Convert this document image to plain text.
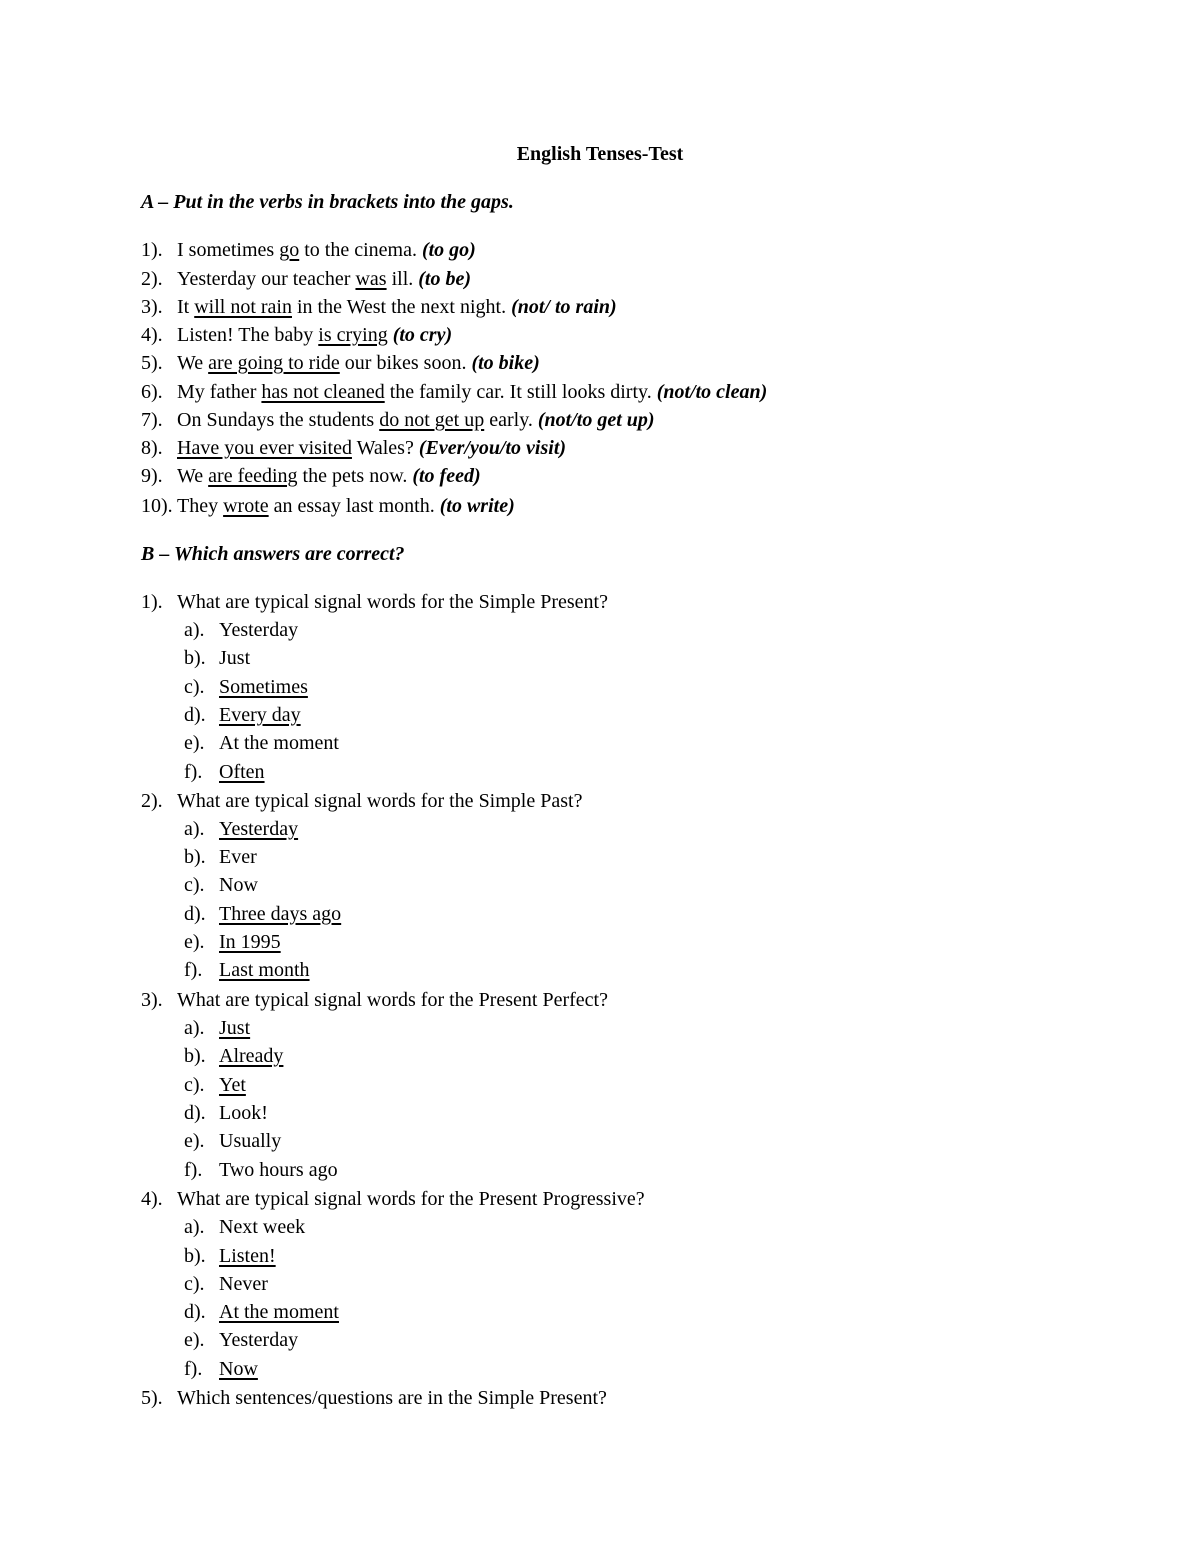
English Tenses-Test
A – Put in the verbs in brackets into the gaps.
1). I sometimes go to the cinema. (to go)
2). Yesterday our teacher was ill. (to be)
3). It will not rain in the West the next night. (not/ to rain)
4). Listen! The baby is crying (to cry)
5). We are going to ride our bikes soon. (to bike)
6). My father has not cleaned the family car. It still looks dirty. (not/to clean)
7). On Sundays the students do not get up early. (not/to get up)
8). Have you ever visited Wales? (Ever/you/to visit)
9). We are feeding the pets now. (to feed)
10). They wrote an essay last month. (to write)
B – Which answers are correct?
1). What are typical signal words for the Simple Present?
a). Yesterday
b). Just
c). Sometimes
d). Every day
e). At the moment
f). Often
2). What are typical signal words for the Simple Past?
a). Yesterday
b). Ever
c). Now
d). Three days ago
e). In 1995
f). Last month
3). What are typical signal words for the Present Perfect?
a). Just
b). Already
c). Yet
d). Look!
e). Usually
f). Two hours ago
4). What are typical signal words for the Present Progressive?
a). Next week
b). Listen!
c). Never
d). At the moment
e). Yesterday
f). Now
5). Which sentences/questions are in the Simple Present?
